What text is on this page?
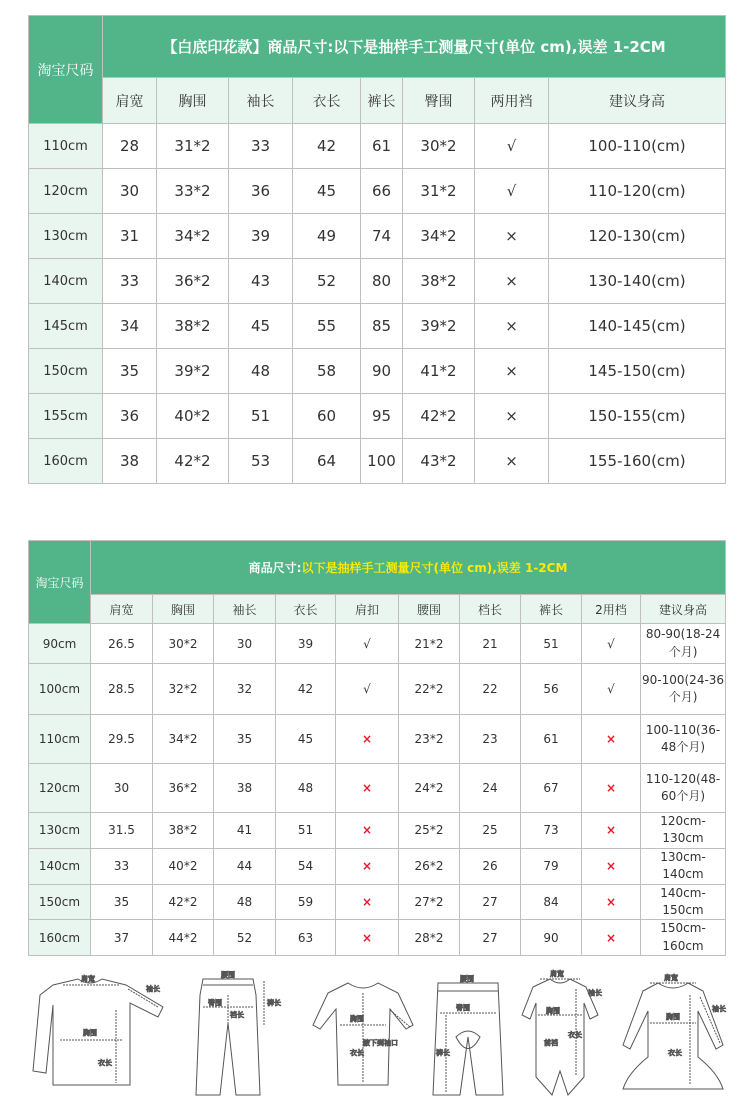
淘宝尺码	【白底印花款】商品尺寸:以下是抽样手工测量尺寸(单位 cm),误差 1-2CM							
	肩宽	胸围	袖长	衣长	裤长	臀围	两用裆	建议身高
110cm	28	31*2	33	42	61	30*2	√	100-110(cm)
120cm	30	33*2	36	45	66	31*2	√	110-120(cm)
130cm	31	34*2	39	49	74	34*2	×	120-130(cm)
140cm	33	36*2	43	52	80	38*2	×	130-140(cm)
145cm	34	38*2	45	55	85	39*2	×	140-145(cm)
150cm	35	39*2	48	58	90	41*2	×	145-150(cm)
155cm	36	40*2	51	60	95	42*2	×	150-155(cm)
160cm	38	42*2	53	64	100	43*2	×	155-160(cm)
淘宝尺码	商品尺寸:以下是抽样手工测量尺寸(单位 cm),误差 1-2CM									
	肩宽	胸围	袖长	衣长	肩扣	腰围	档长	裤长	2用档	建议身高
90cm	26.5	30*2	30	39	√	21*2	21	51	√	80-90(18-24个月)
100cm	28.5	32*2	32	42	√	22*2	22	56	√	90-100(24-36个月)
110cm	29.5	34*2	35	45	×	23*2	23	61	×	100-110(36-48个月)
120cm	30	36*2	38	48	×	24*2	24	67	×	110-120(48-60个月)
130cm	31.5	38*2	41	51	×	25*2	25	73	×	120cm-130cm
140cm	33	40*2	44	54	×	26*2	26	79	×	130cm-140cm
150cm	35	42*2	48	59	×	27*2	27	84	×	140cm-150cm
160cm	37	44*2	52	63	×	28*2	27	90	×	150cm-160cm
肩宽
袖长
胸围
衣长
腰围
臀围
裆长
裤长
胸围
衣长
腋下到袖口
腰围
臀围
裤长
肩宽
袖长
胸围
前裆
衣长
肩宽
袖长
胸围
衣长
